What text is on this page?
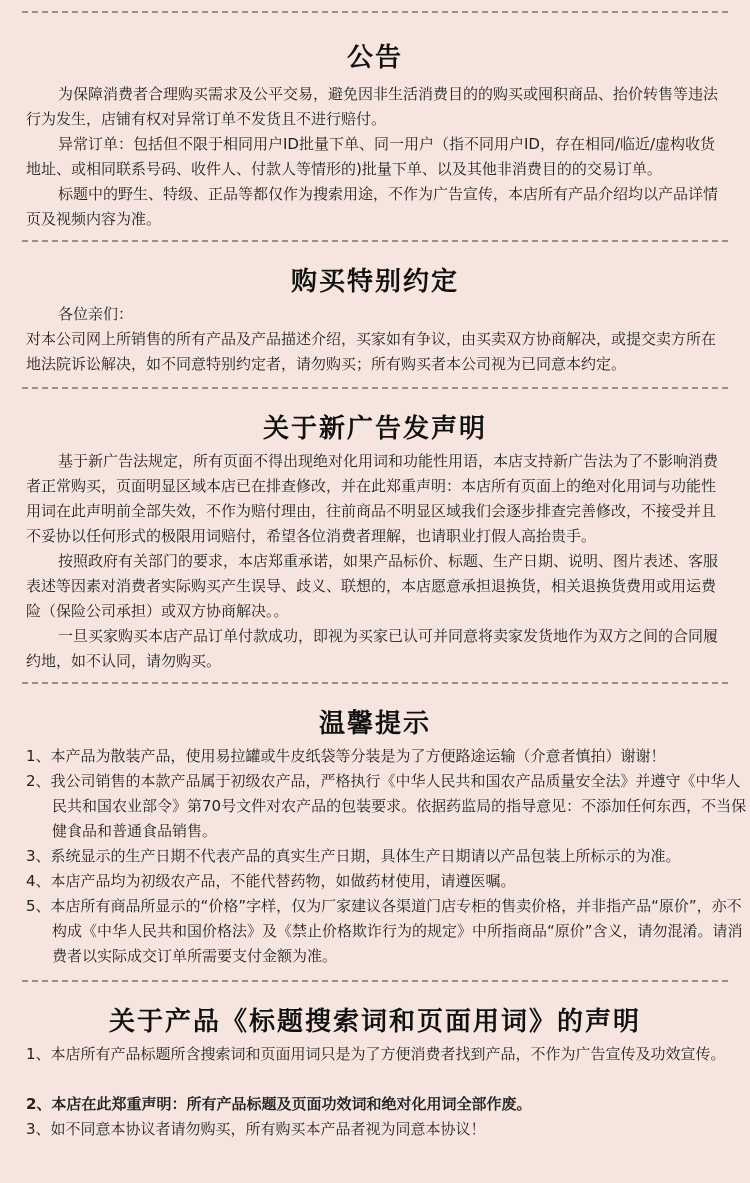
公告
为保障消费者合理购买需求及公平交易，避免因非生活消费目的的购买或囤积商品、抬价转售等违法行为发生，店铺有权对异常订单不发货且不进行赔付。
异常订单：包括但不限于相同用户ID批量下单、同一用户（指不同用户ID，存在相同/临近/虚构收货地址、或相同联系号码、收件人、付款人等情形的)批量下单、以及其他非消费目的的交易订单。
标题中的野生、特级、正品等都仅作为搜索用途，不作为广告宣传，本店所有产品介绍均以产品详情页及视频内容为准。
购买特别约定
各位亲们：
对本公司网上所销售的所有产品及产品描述介绍，买家如有争议，由买卖双方协商解决，或提交卖方所在地法院诉讼解决，如不同意特别约定者，请勿购买；所有购买者本公司视为已同意本约定。
关于新广告发声明
基于新广告法规定，所有页面不得出现绝对化用词和功能性用语，本店支持新广告法为了不影响消费者正常购买，页面明显区域本店已在排查修改，并在此郑重声明：本店所有页面上的绝对化用词与功能性用词在此声明前全部失效，不作为赔付理由，往前商品不明显区域我们会逐步排查完善修改，不接受并且不妥协以任何形式的极限用词赔付，希望各位消费者理解，也请职业打假人高抬贵手。
按照政府有关部门的要求，本店郑重承诺，如果产品标价、标题、生产日期、说明、图片表述、客服表述等因素对消费者实际购买产生误导、歧义、联想的，本店愿意承担退换货，相关退换货费用或用运费险（保险公司承担）或双方协商解决。。
一旦买家购买本店产品订单付款成功，即视为买家已认可并同意将卖家发货地作为双方之间的合同履约地，如不认同，请勿购买。
温馨提示
1、本产品为散装产品，使用易拉罐或牛皮纸袋等分装是为了方便路途运输（介意者慎拍）谢谢！
2、我公司销售的本款产品属于初级农产品，严格执行《中华人民共和国农产品质量安全法》并遵守《中华人民共和国农业部令》第70号文件对农产品的包装要求。依据药监局的指导意见：不添加任何东西，不当保健食品和普通食品销售。
3、系统显示的生产日期不代表产品的真实生产日期，具体生产日期请以产品包装上所标示的为准。
4、本店产品均为初级农产品，不能代替药物，如做药材使用，请遵医嘱。
5、本店所有商品所显示的“价格”字样，仅为厂家建议各渠道门店专柜的售卖价格，并非指产品“原价”，亦不构成《中华人民共和国价格法》及《禁止价格欺诈行为的规定》中所指商品“原价”含义，请勿混淆。请消费者以实际成交订单所需要支付金额为准。
关于产品《标题搜索词和页面用词》的声明
1、本店所有产品标题所含搜索词和页面用词只是为了方便消费者找到产品，不作为广告宣传及功效宣传。
2、本店在此郑重声明：所有产品标题及页面功效词和绝对化用词全部作废。
3、如不同意本协议者请勿购买，所有购买本产品者视为同意本协议！
